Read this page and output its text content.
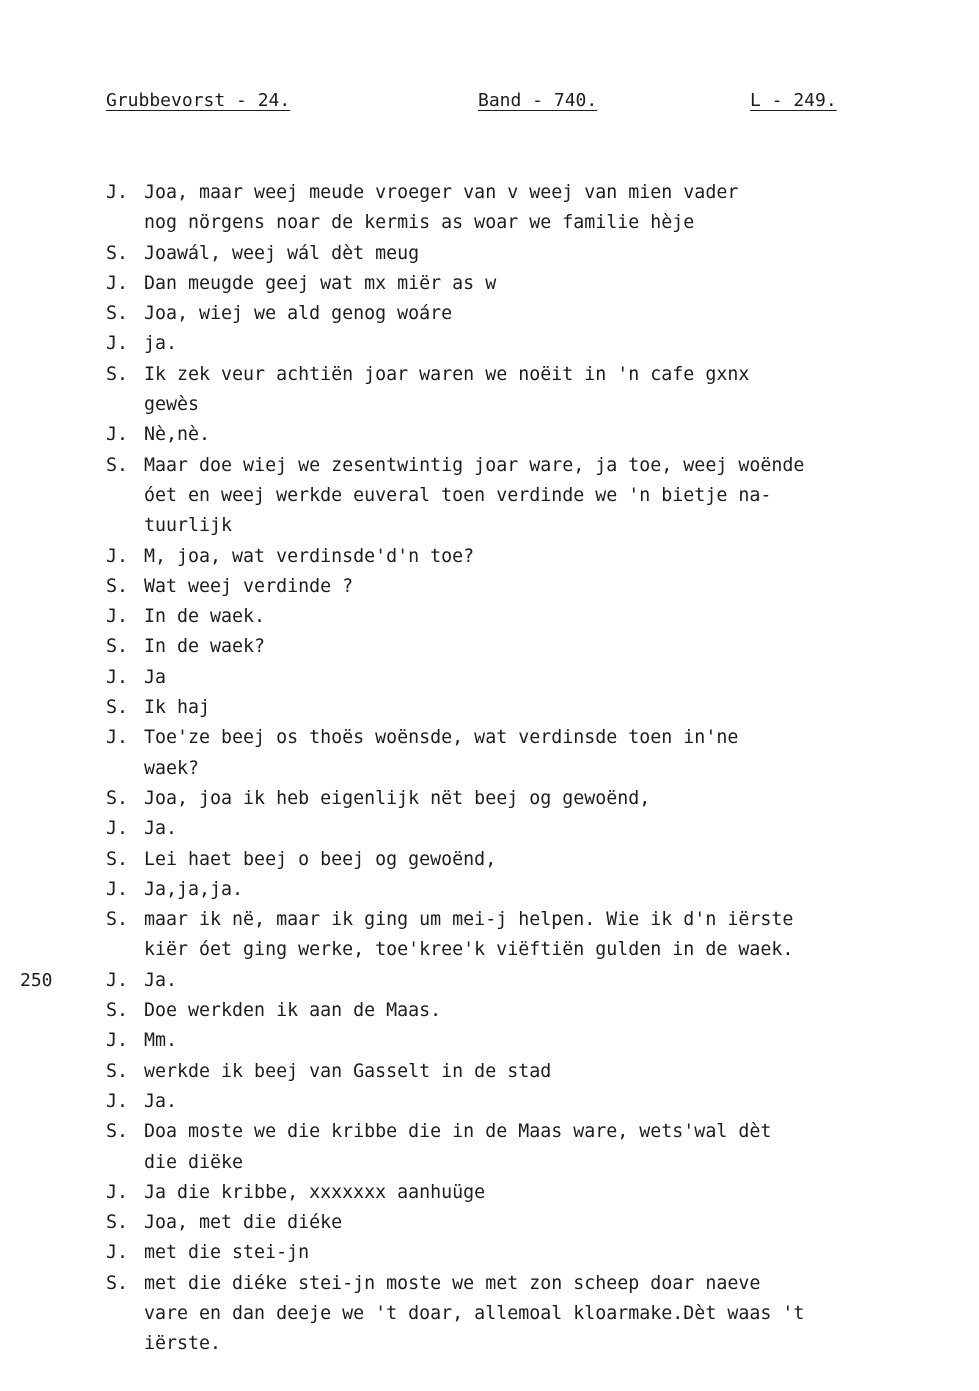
Grubbevorst - 24.	Band - 740.	L - 249.
J. Joa, maar weej meude vroeger van v weej van mien vader
nog nörgens noar de kermis as woar we familie hèje
S. Joawál, weej wál dèt meug
J. Dan meugde geej wat mx miër as w
S. Joa, wiej we ald genog woáre
J. ja.
S. Ik zek veur achtiën joar waren we noëit in 'n cafe gxnx
gewès
J. Nè,nè.
S. Maar doe wiej we zesentwintig joar ware, ja toe, weej woënde
óet en weej werkde euveral toen verdinde we 'n bietje na-
tuurlijk
J. M, joa, wat verdinsde'd'n toe?
S. Wat weej verdinde ?
J. In de waek.
S. In de waek?
J. Ja
S. Ik haj
J. Toe'ze beej os thoës woënsde, wat verdinsde toen in'ne
waek?
S. Joa, joa ik heb eigenlijk nët beej og gewoënd,
J. Ja.
S. Lei haet beej o beej og gewoënd,
J. Ja,ja,ja.
S. maar ik në, maar ik ging um mei-j helpen. Wie ik d'n iërste
kiër óet ging werke, toe'kree'k viëftiën gulden in de waek.
J. Ja.
250
S. Doe werkden ik aan de Maas.
J. Mm.
S. werkde ik beej van Gasselt in de stad
J. Ja.
S. Doa moste we die kribbe die in de Maas ware, wets'wal dèt
die diëke
J. Ja die kribbe, xxxxxxx aanhuüge
S. Joa, met die diéke
J. met die stei-jn
S. met die diéke stei-jn moste we met zon scheep doar naeve
vare en dan deeje we 't doar, allemoal kloarmake.Dèt waas 't
iërste.
